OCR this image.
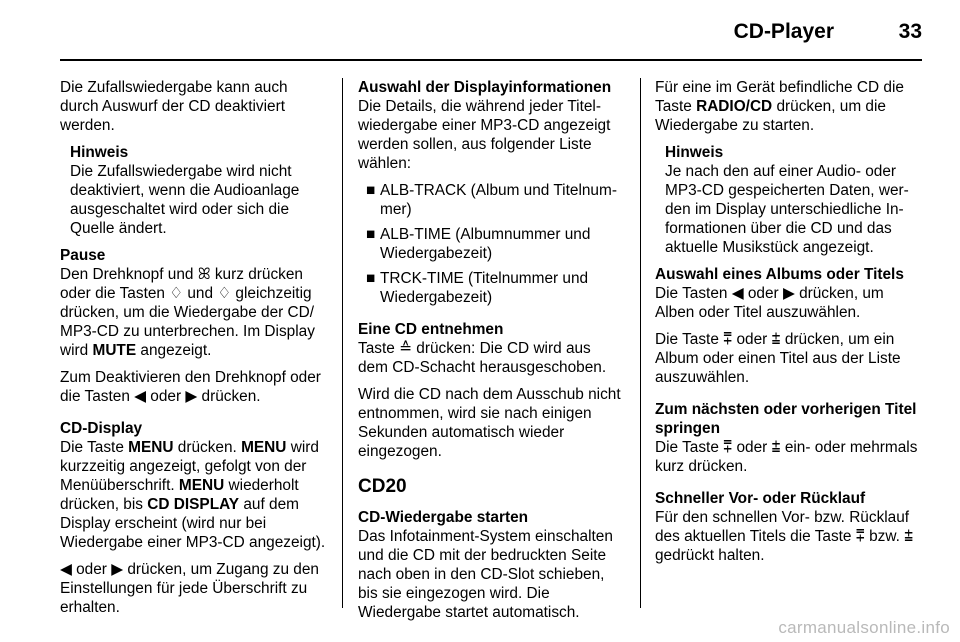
CD-Player	33

Die Zufallswiedergabe kann auch durch Auswurf der CD deaktiviert werden.

Hinweis
Die Zufallswiedergabe wird nicht deaktiviert, wenn die Audioanlage ausgeschaltet wird oder sich die Quelle ändert.
Pause

Den Drehknopf und ꕤ kurz drücken oder die Tasten ♢ und ♢ gleichzeitig drücken, um die Wiedergabe der CD/ MP3-CD zu unterbrechen. Im Display wird MUTE angezeigt.

Zum Deaktivieren den Drehknopf oder die Tasten ◀ oder ▶ drücken.

CD-Display

Die Taste MENU drücken. MENU wird kurzzeitig angezeigt, gefolgt von der Menüüberschrift. MENU wiederholt drücken, bis CD DISPLAY auf dem Display erscheint (wird nur bei Wiedergabe einer MP3-CD angezeigt).

◀ oder ▶ drücken, um Zugang zu den Einstellungen für jede Überschrift zu erhalten.

Auswahl der Displayinformationen

Die Details, die während jeder Titelwiedergabe einer MP3-CD angezeigt werden sollen, aus folgender Liste wählen:

■ ALB-TRACK (Album und Titelnummer)
■ ALB-TIME (Albumnummer und Wiedergabezeit)
■ TRCK-TIME (Titelnummer und Wiedergabezeit)
Eine CD entnehmen

Taste ≙ drücken: Die CD wird aus dem CD-Schacht herausgeschoben.

Wird die CD nach dem Ausschub nicht entnommen, wird sie nach einigen Sekunden automatisch wieder eingezogen.

CD20
CD-Wiedergabe starten

Das Infotainment-System einschalten und die CD mit der bedruckten Seite nach oben in den CD-Slot schieben, bis sie eingezogen wird. Die Wiedergabe startet automatisch.

Für eine im Gerät befindliche CD die Taste RADIO/CD drücken, um die Wiedergabe zu starten.

Hinweis
Je nach den auf einer Audio- oder MP3-CD gespeicherten Daten, werden im Display unterschiedliche Informationen über die CD und das aktuelle Musikstück angezeigt.
Auswahl eines Albums oder Titels

Die Tasten ◀ oder ▶ drücken, um Alben oder Titel auszuwählen.

Die Taste ⩱ oder ⩲ drücken, um ein Album oder einen Titel aus der Liste auszuwählen.

Zum nächsten oder vorherigen Titel springen

Die Taste ⩱ oder ⩲ ein- oder mehrmals kurz drücken.

Schneller Vor- oder Rücklauf

Für den schnellen Vor- bzw. Rücklauf des aktuellen Titels die Taste ⩱ bzw. ⩲ gedrückt halten.

carmanualsonline.info
